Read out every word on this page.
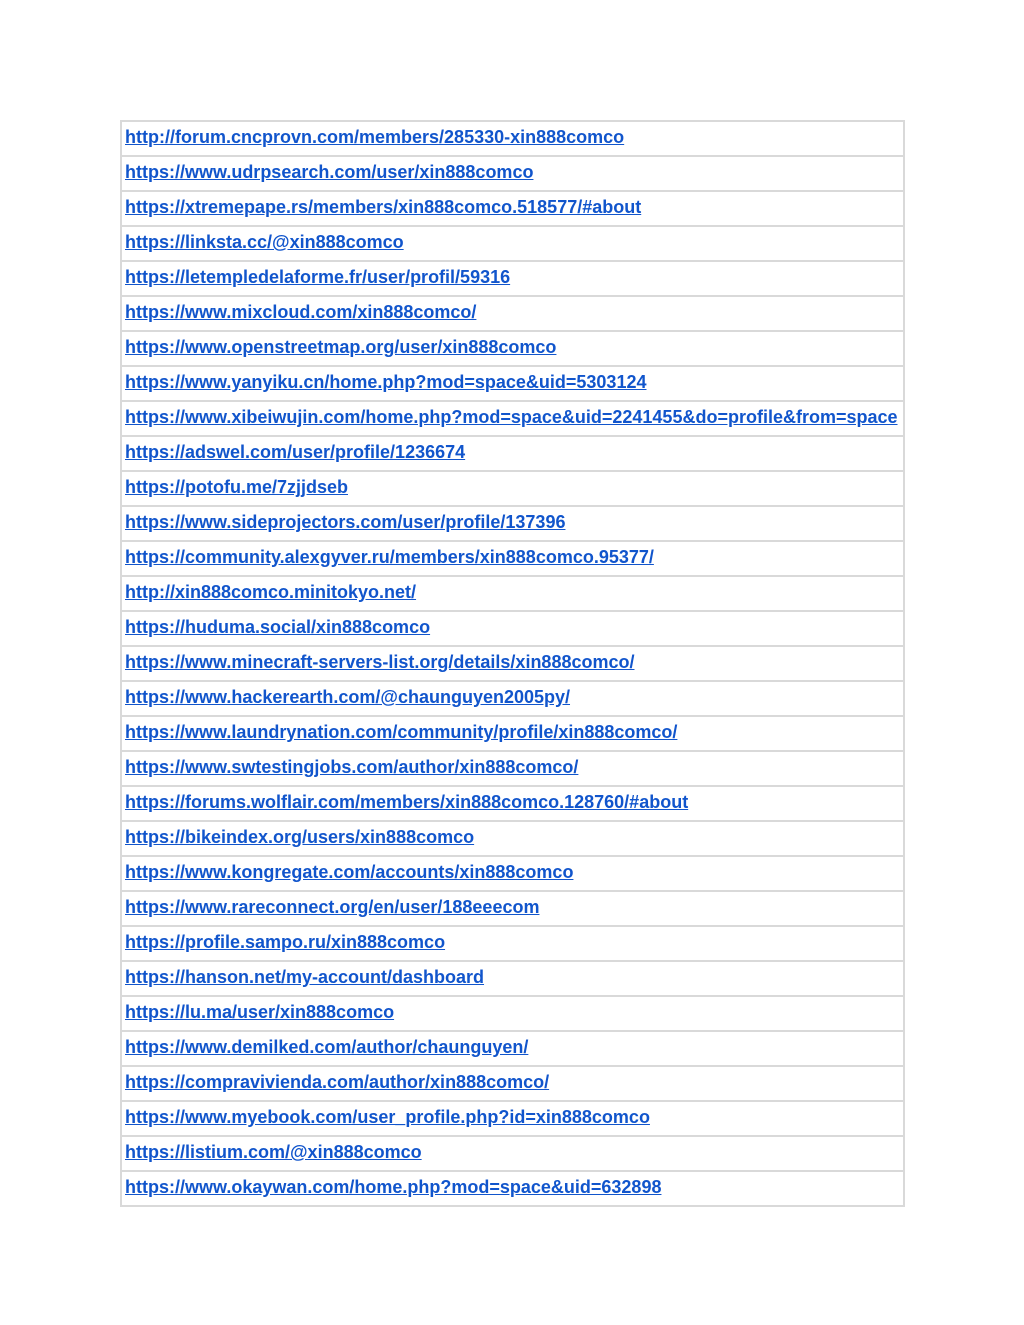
http://forum.cncprovn.com/members/285330-xin888comco
https://www.udrpsearch.com/user/xin888comco
https://xtremepape.rs/members/xin888comco.518577/#about
https://linksta.cc/@xin888comco
https://letempledelaforme.fr/user/profil/59316
https://www.mixcloud.com/xin888comco/
https://www.openstreetmap.org/user/xin888comco
https://www.yanyiku.cn/home.php?mod=space&uid=5303124
https://www.xibeiwujin.com/home.php?mod=space&uid=2241455&do=profile&from=space
https://adswel.com/user/profile/1236674
https://potofu.me/7zjjdseb
https://www.sideprojectors.com/user/profile/137396
https://community.alexgyver.ru/members/xin888comco.95377/
http://xin888comco.minitokyo.net/
https://huduma.social/xin888comco
https://www.minecraft-servers-list.org/details/xin888comco/
https://www.hackerearth.com/@chaunguyen2005py/
https://www.laundrynation.com/community/profile/xin888comco/
https://www.swtestingjobs.com/author/xin888comco/
https://forums.wolflair.com/members/xin888comco.128760/#about
https://bikeindex.org/users/xin888comco
https://www.kongregate.com/accounts/xin888comco
https://www.rareconnect.org/en/user/188eeecom
https://profile.sampo.ru/xin888comco
https://hanson.net/my-account/dashboard
https://lu.ma/user/xin888comco
https://www.demilked.com/author/chaunguyen/
https://compravivienda.com/author/xin888comco/
https://www.myebook.com/user_profile.php?id=xin888comco
https://listium.com/@xin888comco
https://www.okaywan.com/home.php?mod=space&uid=632898
